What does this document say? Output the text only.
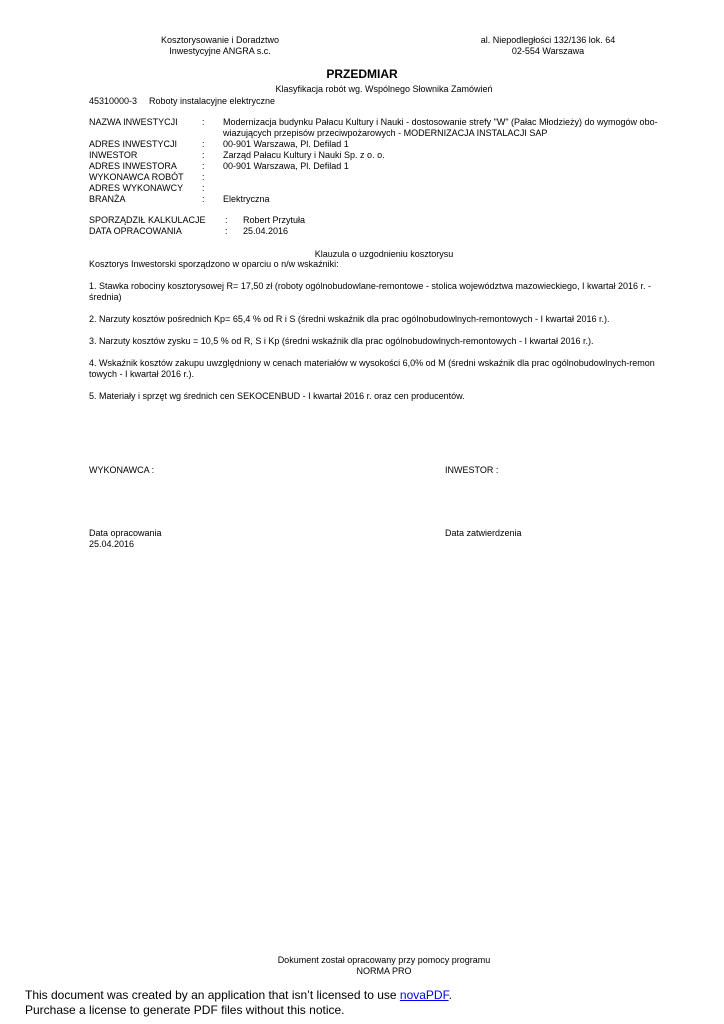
Kosztorysowanie i Doradztwo
Inwestycyjne ANGRA s.c.
al. Niepodległości 132/136 lok. 64
02-554 Warszawa
PRZEDMIAR
Klasyfikacja robót wg. Wspólnego Słownika Zamówień
45310000-3 Roboty instalacyjne elektryczne
NAZWA INWESTYCJI	:	Modernizacja budynku Pałacu Kultury i Nauki - dostosowanie strefy "W" (Pałac Młodzieży) do wymogów obo-
wiazujących przepisów przeciwpożarowych - MODERNIZACJA INSTALACJI SAP
ADRES INWESTYCJI	:	00-901 Warszawa, Pl. Defilad 1
INWESTOR	:	Zarząd Pałacu Kultury i Nauki Sp. z o. o.
ADRES INWESTORA	:	00-901 Warszawa, Pl. Defilad 1
WYKONAWCA ROBÓT	:
ADRES WYKONAWCY	:
BRANŻA	:	Elektryczna
SPORZĄDZIŁ KALKULACJE	:	Robert Przytuła
DATA OPRACOWANIA	:	25.04.2016
Klauzula o uzgodnieniu kosztorysu
Kosztorys Inwestorski sporządzono w oparciu o n/w wskaźniki:
1. Stawka robociny kosztorysowej R= 17,50 zł (roboty ogólnobudowlane-remontowe - stolica województwa mazowieckiego, I kwartał 2016 r. -
średnia)
2. Narzuty kosztów pośrednich Kp= 65,4 % od R i S (średni wskaźnik dla prac ogólnobudowlnych-remontowych - I kwartał 2016 r.).
3. Narzuty kosztów zysku = 10,5 % od R, S i Kp (średni wskaźnik dla prac ogólnobudowlnych-remontowych - I kwartał 2016 r.).
4. Wskaźnik kosztów zakupu uwzględniony w cenach materiałów w wysokości 6,0% od M (średni wskaźnik dla prac ogólnobudowlnych-remon
towych - I kwartał 2016 r.).
5. Materiały i sprzęt wg średnich cen SEKOCENBUD - I kwartał 2016 r. oraz cen producentów.
WYKONAWCA :	INWESTOR :
Data opracowania
25.04.2016
Data zatwierdzenia
Dokument został opracowany przy pomocy programu
NORMA PRO
This document was created by an application that isn’t licensed to use novaPDF.
Purchase a license to generate PDF files without this notice.
